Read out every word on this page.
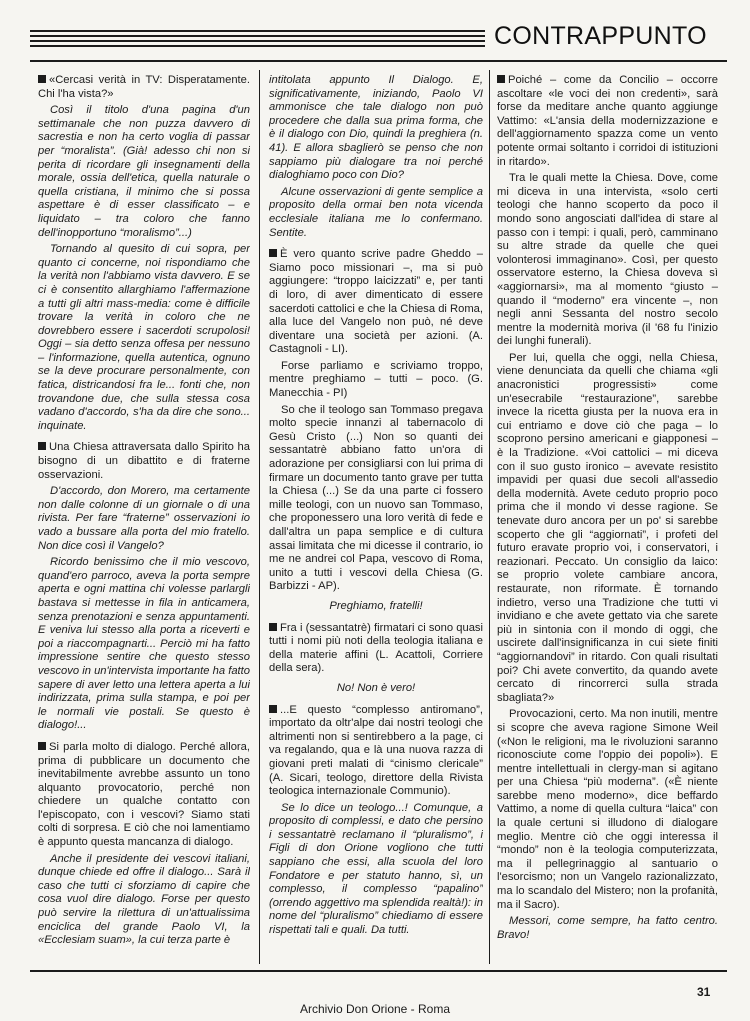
CONTRAPPUNTO

«Cercasi verità in TV: Disperatamente. Chi l'ha vista?»

Così il titolo d'una pagina d'un settimanale che non puzza davvero di sacrestia e non ha certo voglia di passar per “moralista”. (Già! adesso chi non si perita di ricordare gli insegnamenti della morale, ossia dell'etica, quella naturale o quella cristiana, il minimo che si possa aspettare è di esser classificato – e liquidato – tra coloro che fanno dell'inopportuno “moralismo”...)

Tornando al quesito di cui sopra, per quanto ci concerne, noi rispondiamo che la verità non l'abbiamo vista davvero. E se ci è consentito allarghiamo l'affermazione a tutti gli altri mass-media: come è difficile trovare la verità in coloro che ne dovrebbero essere i sacerdoti scrupolosi! Oggi – sia detto senza offesa per nessuno – l'informazione, quella autentica, ognuno se la deve procurare personalmente, con fatica, districandosi fra le... fonti che, non trovandone due, che sulla stessa cosa vadano d'accordo, s'ha da dire che sono... inquinate.

Una Chiesa attraversata dallo Spirito ha bisogno di un dibattito e di fraterne osservazioni.

D'accordo, don Morero, ma certamente non dalle colonne di un giornale o di una rivista. Per fare “fraterne” osservazioni io vado a bussare alla porta del mio fratello. Non dice così il Vangelo?

Ricordo benissimo che il mio vescovo, quand'ero parroco, aveva la porta sempre aperta e ogni mattina chi volesse parlargli bastava si mettesse in fila in anticamera, senza prenotazioni e senza appuntamenti. E veniva lui stesso alla porta a riceverti e poi a riaccompagnarti... Perciò mi ha fatto impressione sentire che questo stesso vescovo in un'intervista importante ha fatto sapere di aver letto una lettera aperta a lui indirizzata, prima sulla stampa, e poi per le normali vie postali. Se questo è dialogo!...

Si parla molto di dialogo. Perché allora, prima di pubblicare un documento che inevitabilmente avrebbe assunto un tono alquanto provocatorio, perché non chiedere un qualche contatto con l'episcopato, con i vescovi? Siamo stati colti di sorpresa. E ciò che noi lamentiamo è appunto questa mancanza di dialogo.

Anche il presidente dei vescovi italiani, dunque chiede ed offre il dialogo... Sarà il caso che tutti ci sforziamo di capire che cosa vuol dire dialogo. Forse per questo può servire la rilettura di un'attualissima enciclica del grande Paolo VI, la «Ecclesiam suam», la cui terza parte è

intitolata appunto Il Dialogo. E, significativamente, iniziando, Paolo VI ammonisce che tale dialogo non può procedere che dalla sua prima forma, che è il dialogo con Dio, quindi la preghiera (n. 41). E allora sbaglierò se penso che non sappiamo più dialogare tra noi perché dialoghiamo poco con Dio?

Alcune osservazioni di gente semplice a proposito della ormai ben nota vicenda ecclesiale italiana me lo confermano. Sentite.

È vero quanto scrive padre Gheddo – Siamo poco missionari –, ma si può aggiungere: “troppo laicizzati” e, per tanti di loro, di aver dimenticato di essere sacerdoti cattolici e che la Chiesa di Roma, alla luce del Vangelo non può, né deve diventare una società per azioni. (A. Castagnoli - LI).

Forse parliamo e scriviamo troppo, mentre preghiamo – tutti – poco. (G. Manecchia - PI)

So che il teologo san Tommaso pregava molto specie innanzi al tabernacolo di Gesù Cristo (...) Non so quanti dei sessantatrè abbiano fatto un'ora di adorazione per consigliarsi con lui prima di firmare un documento tanto grave per tutta la Chiesa (...) Se da una parte ci fossero mille teologi, con un nuovo san Tommaso, che proponessero una loro verità di fede e dall'altra un papa semplice e di cultura assai limitata che mi dicesse il contrario, io me ne andrei col Papa, vescovo di Roma, unito a tutti i vescovi della Chiesa (G. Barbizzi - AP).

Preghiamo, fratelli!

Fra i (sessantatrè) firmatari ci sono quasi tutti i nomi più noti della teologia italiana e della materie affini (L. Acattoli, Corriere della sera).

No! Non è vero!

...E questo “complesso antiromano”, importato da oltr'alpe dai nostri teologi che altrimenti non si sentirebbero a la page, ci va regalando, qua e là una nuova razza di giovani preti malati di “cinismo clericale” (A. Sicari, teologo, direttore della Rivista teologica internazionale Communio).

Se lo dice un teologo...! Comunque, a proposito di complessi, e dato che persino i sessantatrè reclamano il “pluralismo”, i Figli di don Orione vogliono che tutti sappiano che essi, alla scuola del loro Fondatore e per statuto hanno, sì, un complesso, il complesso “papalino” (orrendo aggettivo ma splendida realtà!): in nome del “pluralismo” chiediamo di essere rispettati tali e quali. Da tutti.

Poiché – come da Concilio – occorre ascoltare «le voci dei non credenti», sarà forse da meditare anche quanto aggiunge Vattimo: «L'ansia della modernizzazione e dell'aggiornamento spazza come un vento potente ormai soltanto i corridoi di istituzioni in ritardo».

Tra le quali mette la Chiesa. Dove, come mi diceva in una intervista, «solo certi teologi che hanno scoperto da poco il mondo sono angosciati dall'idea di stare al passo con i tempi: i quali, però, camminano su altre strade da quelle che quei volonterosi immaginano». Così, per questo osservatore esterno, la Chiesa doveva sì «aggiornarsi», ma al momento “giusto – quando il “moderno” era vincente –, non negli anni Sessanta del nostro secolo mentre la modernità moriva (il '68 fu l'inizio dei lunghi funerali).

Per lui, quella che oggi, nella Chiesa, viene denunciata da quelli che chiama «gli anacronistici progressisti» come un'esecrabile “restaurazione”, sarebbe invece la ricetta giusta per la nuova era in cui entriamo e dove ciò che paga – lo scoprono persino americani e giapponesi – è la Tradizione. «Voi cattolici – mi diceva con il suo gusto ironico – avevate resistito impavidi per quasi due secoli all'assedio della modernità. Avete ceduto proprio poco prima che il mondo vi desse ragione. Se tenevate duro ancora per un po' si sarebbe scoperto che gli “aggiornati”, i profeti del futuro eravate proprio voi, i conservatori, i reazionari. Peccato. Un consiglio da laico: se proprio volete cambiare ancora, restaurate, non riformate. È tornando indietro, verso una Tradizione che tutti vi invidiano e che avete gettato via che sarete più in sintonia con il mondo di oggi, che uscirete dall'insignificanza in cui siete finiti “aggiornandovi” in ritardo. Con quali risultati poi? Chi avete convertito, da quando avete cercato di rincorrerci sulla strada sbagliata?»

Provocazioni, certo. Ma non inutili, mentre si scopre che aveva ragione Simone Weil («Non le religioni, ma le rivoluzioni saranno riconosciute come l'oppio dei popoli»). E mentre intellettuali in clergy-man si agitano per una Chiesa “più moderna”. («È niente sarebbe meno moderno», dice beffardo Vattimo, a nome di quella cultura “laica” con la quale certuni si illudono di dialogare meglio. Mentre ciò che oggi interessa il “mondo” non è la teologia computerizzata, ma il pellegrinaggio al santuario o l'esorcismo; non un Vangelo razionalizzato, ma lo scandalo del Mistero; non la profanità, ma il Sacro).

Messori, come sempre, ha fatto centro. Bravo!

31
Archivio Don Orione - Roma
